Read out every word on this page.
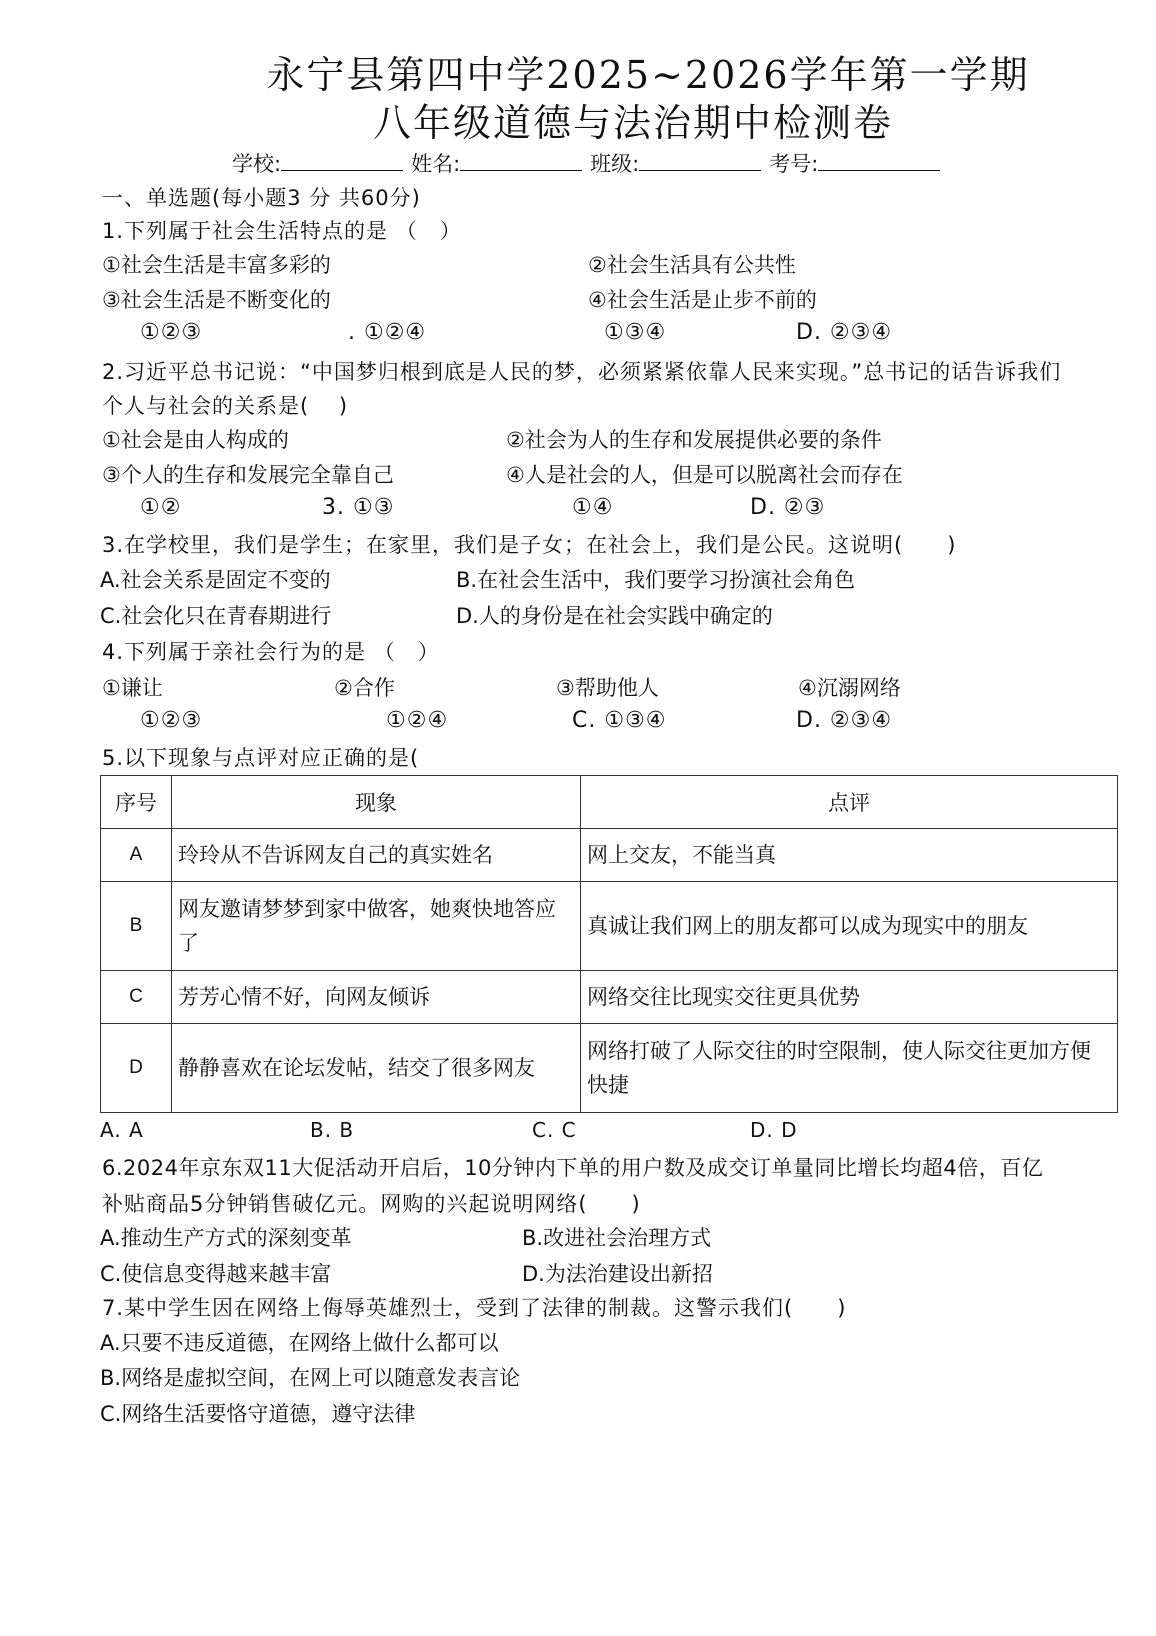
永宁县第四中学2025~2026学年第一学期
八年级道德与法治期中检测卷
学校:	姓名:	班级:	考号:
一、单选题(每小题3 分 共60分)
1.下列属于社会生活特点的是 （　）
①社会生活是丰富多彩的	②社会生活具有公共性
③社会生活是不断变化的	④社会生活是止步不前的
①②③	. ①②④	①③④	D. ②③④
2.习近平总书记说：“中国梦归根到底是人民的梦，必须紧紧依靠人民来实现。”总书记的话告诉我们
个人与社会的关系是(　 )
①社会是由人构成的	②社会为人的生存和发展提供必要的条件
③个人的生存和发展完全靠自己	④人是社会的人，但是可以脱离社会而存在
①②	3. ①③	①④	D. ②③
3.在学校里，我们是学生；在家里，我们是子女；在社会上，我们是公民。这说明(　　)
A.社会关系是固定不变的	B.在社会生活中，我们要学习扮演社会角色
C.社会化只在青春期进行	D.人的身份是在社会实践中确定的
4.下列属于亲社会行为的是 （　）
①谦让	②合作	③帮助他人	④沉溺网络
①②③	①②④	C. ①③④	D. ②③④
5.以下现象与点评对应正确的是(
序号	现象	点评
A	玲玲从不告诉网友自己的真实姓名	网上交友，不能当真
B	网友邀请梦梦到家中做客，她爽快地答应了	真诚让我们网上的朋友都可以成为现实中的朋友
C	芳芳心情不好，向网友倾诉	网络交往比现实交往更具优势
D	静静喜欢在论坛发帖，结交了很多网友	网络打破了人际交往的时空限制，使人际交往更加方便快捷
A. A	B. B	C. C	D. D
6.2024年京东双11大促活动开启后，10分钟内下单的用户数及成交订单量同比增长均超4倍，百亿
补贴商品5分钟销售破亿元。网购的兴起说明网络(　　)
A.推动生产方式的深刻变革	B.改进社会治理方式
C.使信息变得越来越丰富	D.为法治建设出新招
7.某中学生因在网络上侮辱英雄烈士，受到了法律的制裁。这警示我们(　　)
A.只要不违反道德，在网络上做什么都可以
B.网络是虚拟空间，在网上可以随意发表言论
C.网络生活要恪守道德，遵守法律
